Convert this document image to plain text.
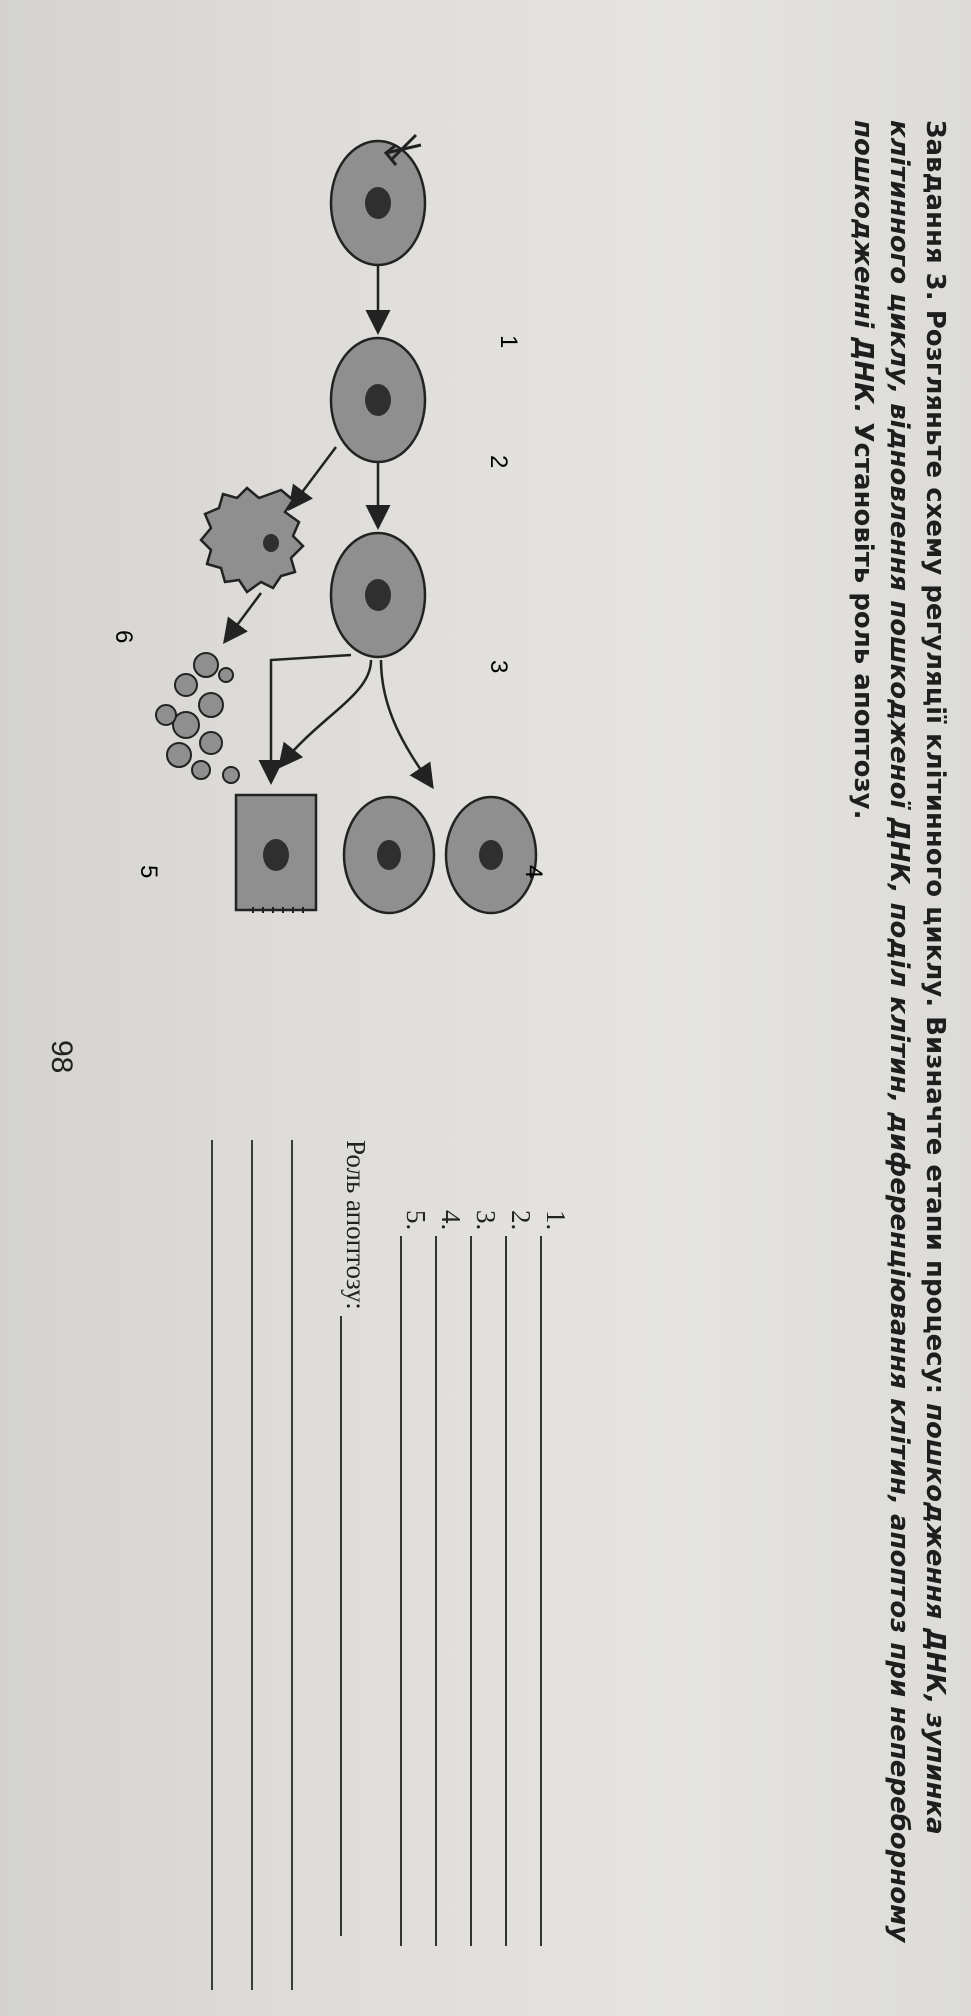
Завдання 3. Розгляньте схему регуляції клітинного циклу. Визначте етапи процесу: пошкодження ДНК, зупинка клітинного циклу, відновлення пошкодженої ДНК, поділ клітин, диференціювання клітин, апоптоз при непереборному пошкодженні ДНК. Установіть роль апоптозу.
1
2
3
4
5
6
1.
2.
3.
4.
5.
Роль апоптозу:
98
